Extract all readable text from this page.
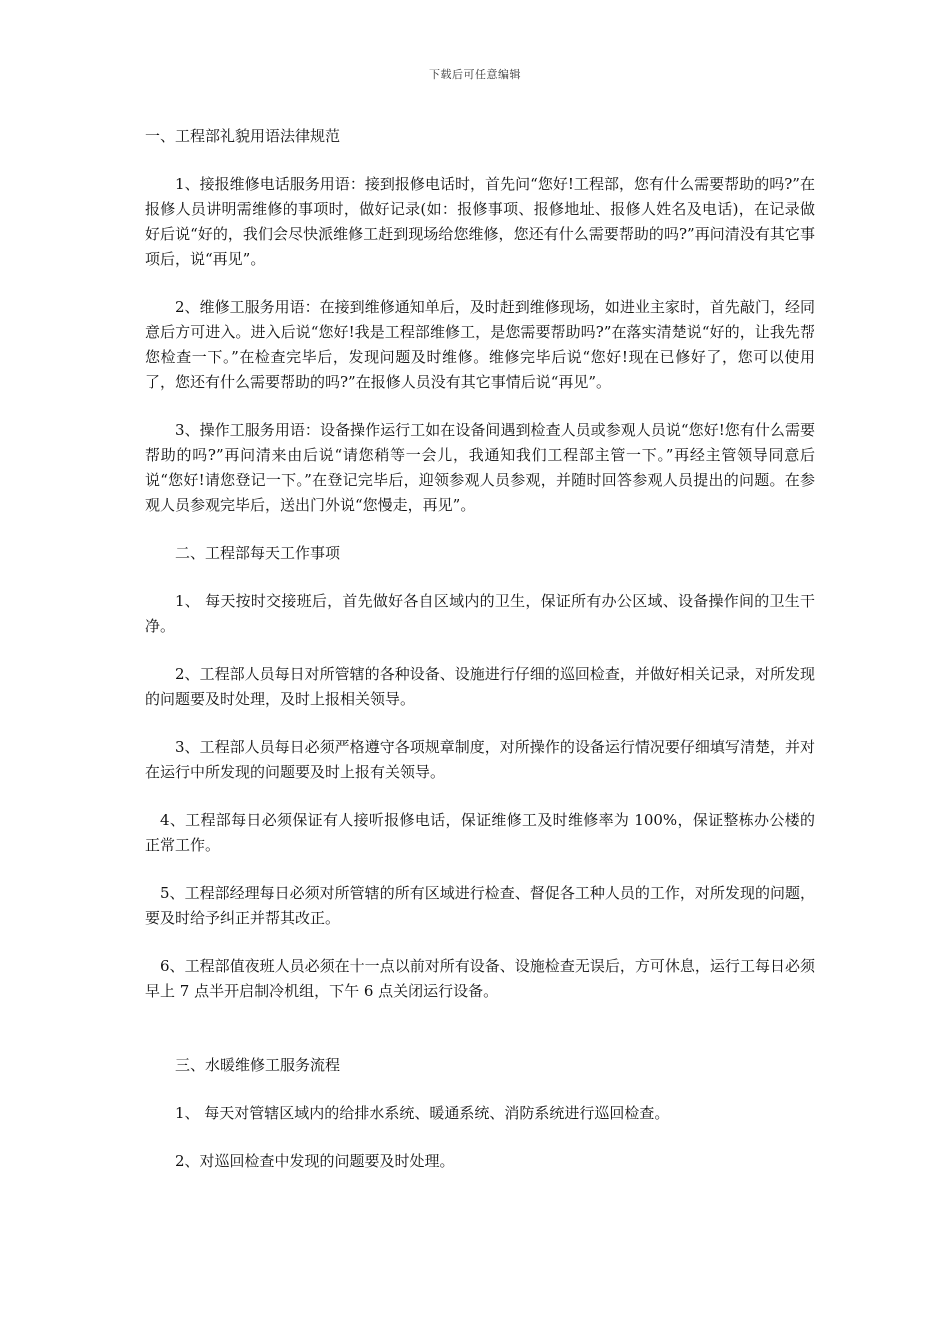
下载后可任意编辑

一、工程部礼貌用语法律规范

1、接报维修电话服务用语：接到报修电话时，首先问“您好!工程部，您有什么需要帮助的吗?”在报修人员讲明需维修的事项时，做好记录(如：报修事项、报修地址、报修人姓名及电话)，在记录做好后说“好的，我们会尽快派维修工赶到现场给您维修，您还有什么需要帮助的吗?”再问清没有其它事项后，说“再见”。

2、维修工服务用语：在接到维修通知单后，及时赶到维修现场，如进业主家时，首先敲门，经同意后方可进入。进入后说“您好!我是工程部维修工，是您需要帮助吗?”在落实清楚说“好的，让我先帮您检查一下。”在检查完毕后，发现问题及时维修。维修完毕后说“您好!现在已修好了，您可以使用了，您还有什么需要帮助的吗?”在报修人员没有其它事情后说“再见”。

3、操作工服务用语：设备操作运行工如在设备间遇到检查人员或参观人员说“您好!您有什么需要帮助的吗?”再问清来由后说“请您稍等一会儿，我通知我们工程部主管一下。”再经主管领导同意后说“您好!请您登记一下。”在登记完毕后，迎领参观人员参观，并随时回答参观人员提出的问题。在参观人员参观完毕后，送出门外说“您慢走，再见”。

二、工程部每天工作事项

1、 每天按时交接班后，首先做好各自区域内的卫生，保证所有办公区域、设备操作间的卫生干净。

2、工程部人员每日对所管辖的各种设备、设施进行仔细的巡回检查，并做好相关记录，对所发现的问题要及时处理，及时上报相关领导。

3、工程部人员每日必须严格遵守各项规章制度，对所操作的设备运行情况要仔细填写清楚，并对在运行中所发现的问题要及时上报有关领导。

4、工程部每日必须保证有人接听报修电话，保证维修工及时维修率为 100%，保证整栋办公楼的正常工作。

5、工程部经理每日必须对所管辖的所有区域进行检查、督促各工种人员的工作，对所发现的问题，要及时给予纠正并帮其改正。

6、工程部值夜班人员必须在十一点以前对所有设备、设施检查无误后，方可休息，运行工每日必须早上 7 点半开启制冷机组，下午 6 点关闭运行设备。

三、水暖维修工服务流程

1、 每天对管辖区域内的给排水系统、暖通系统、消防系统进行巡回检查。

2、对巡回检查中发现的问题要及时处理。
